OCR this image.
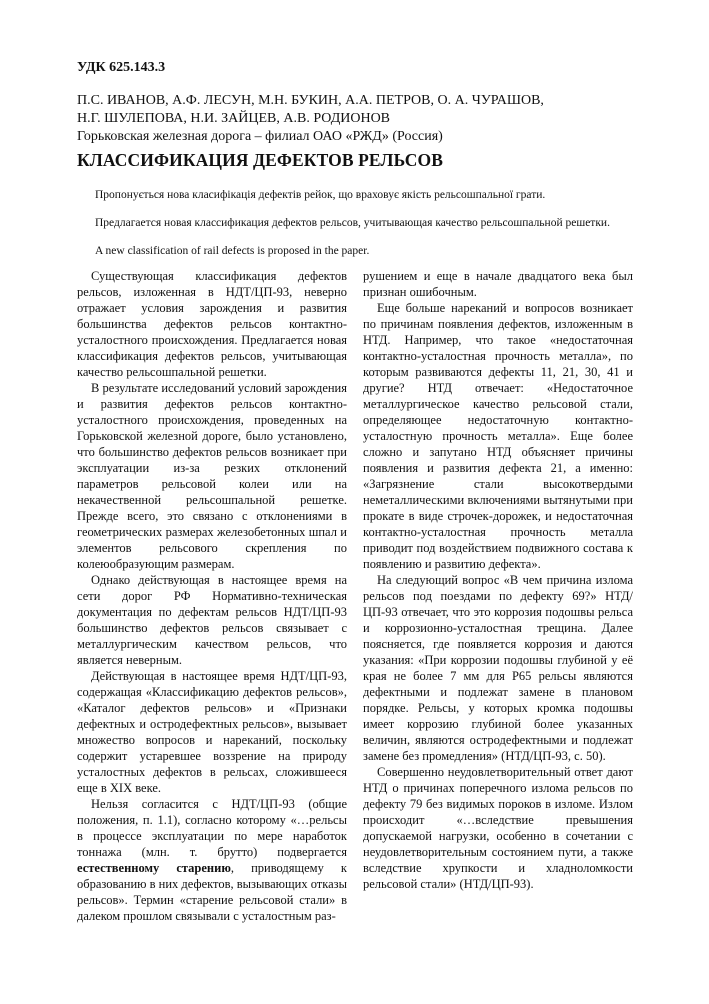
УДК 625.143.3
П.С. ИВАНОВ, А.Ф. ЛЕСУН, М.Н. БУКИН, А.А. ПЕТРОВ, О. А. ЧУРАШОВ,
Н.Г. ШУЛЕПОВА, Н.И. ЗАЙЦЕВ, А.В. РОДИОНОВ
Горьковская железная дорога – филиал ОАО «РЖД» (Россия)
КЛАССИФИКАЦИЯ ДЕФЕКТОВ РЕЛЬСОВ
Пропонується нова класифікація дефектів рейок, що враховує якість рельсошпальної грати.
Предлагается новая классификация дефектов рельсов, учитывающая качество рельсошпальной решетки.
A new classification of rail defects is proposed in the paper.

Существующая классификация дефектов рельсов, изложенная в НДТ/ЦП-93, неверно отражает условия зарождения и развития большинства дефектов рельсов контактно-усталостного происхождения. Предлагается новая классификация дефектов рельсов, учитывающая качество рельсошпальной решетки.

В результате исследований условий зарождения и развития дефектов рельсов контактно-усталостного происхождения, проведенных на Горьковской железной дороге, было установлено, что большинство дефектов рельсов возникает при эксплуатации из-за резких отклонений параметров рельсовой колеи или на некачественной рельсошпальной решетке. Прежде всего, это связано с отклонениями в геометрических размерах железобетонных шпал и элементов рельсового скрепления по колеюобразующим размерам.

Однако действующая в настоящее время на сети дорог РФ Нормативно-техническая документация по дефектам рельсов НДТ/ЦП-93 большинство дефектов рельсов связывает с металлургическим качеством рельсов, что является неверным.

Действующая в настоящее время НДТ/ЦП-93, содержащая «Классификацию дефектов рельсов», «Каталог дефектов рельсов» и «Признаки дефектных и остродефектных рельсов», вызывает множество вопросов и нареканий, поскольку содержит устаревшее воззрение на природу усталостных дефектов в рельсах, сложившееся еще в XIX веке.

Нельзя согласится с НДТ/ЦП-93 (общие положения, п. 1.1), согласно которому «…рельсы в процессе эксплуатации по мере наработок тоннажа (млн. т. брутто) подвергается естественному старению, приводящему к образованию в них дефектов, вызывающих отказы рельсов». Термин «старение рельсовой стали» в далеком прошлом связывали с усталостным раз-

рушением и еще в начале двадцатого века был признан ошибочным.

Еще больше нареканий и вопросов возникает по причинам появления дефектов, изложенным в НТД. Например, что такое «недостаточная контактно-усталостная прочность металла», по которым развиваются дефекты 11, 21, 30, 41 и другие? НТД отвечает: «Недостаточное металлургическое качество рельсовой стали, определяющее недостаточную контактно-усталостную прочность металла». Еще более сложно и запутано НТД объясняет причины появления и развития дефекта 21, а именно: «Загрязнение стали высокотвердыми неметаллическими включениями вытянутыми при прокате в виде строчек-дорожек, и недостаточная контактно-усталостная прочность металла приводит под воздействием подвижного состава к появлению и развитию дефекта».

На следующий вопрос «В чем причина излома рельсов под поездами по дефекту 69?» НТД/ЦП-93 отвечает, что это коррозия подошвы рельса и коррозионно-усталостная трещина. Далее поясняется, где появляется коррозия и даются указания: «При коррозии подошвы глубиной у её края не более 7 мм для Р65 рельсы являются дефектными и подлежат замене в плановом порядке. Рельсы, у которых кромка подошвы имеет коррозию глубиной более указанных величин, являются остродефектными и подлежат замене без промедления» (НТД/ЦП-93, с. 50).

Совершенно неудовлетворительный ответ дают НТД о причинах поперечного излома рельсов по дефекту 79 без видимых пороков в изломе. Излом происходит «…вследствие превышения допускаемой нагрузки, особенно в сочетании с неудовлетворительным состоянием пути, а также вследствие хрупкости и хладноломкости рельсовой стали» (НТД/ЦП-93).
